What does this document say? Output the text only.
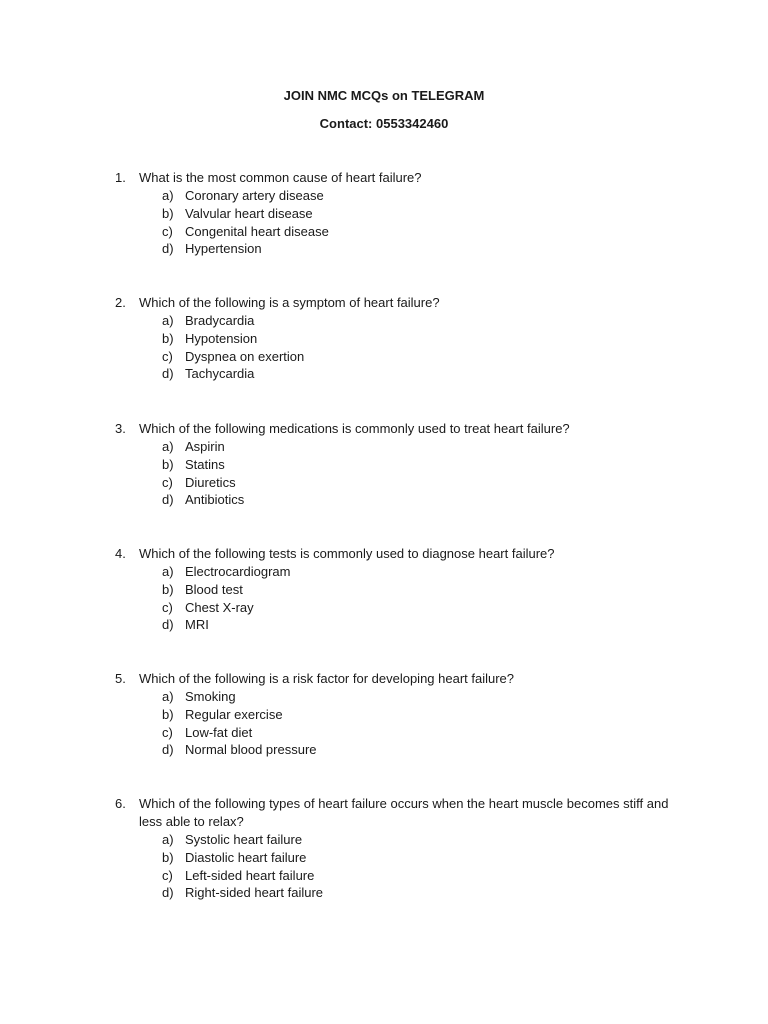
JOIN NMC MCQs on TELEGRAM
Contact: 0553342460
1. What is the most common cause of heart failure?
a) Coronary artery disease
b) Valvular heart disease
c) Congenital heart disease
d) Hypertension
2. Which of the following is a symptom of heart failure?
a) Bradycardia
b) Hypotension
c) Dyspnea on exertion
d) Tachycardia
3. Which of the following medications is commonly used to treat heart failure?
a) Aspirin
b) Statins
c) Diuretics
d) Antibiotics
4. Which of the following tests is commonly used to diagnose heart failure?
a) Electrocardiogram
b) Blood test
c) Chest X-ray
d) MRI
5. Which of the following is a risk factor for developing heart failure?
a) Smoking
b) Regular exercise
c) Low-fat diet
d) Normal blood pressure
6. Which of the following types of heart failure occurs when the heart muscle becomes stiff and less able to relax?
a) Systolic heart failure
b) Diastolic heart failure
c) Left-sided heart failure
d) Right-sided heart failure
